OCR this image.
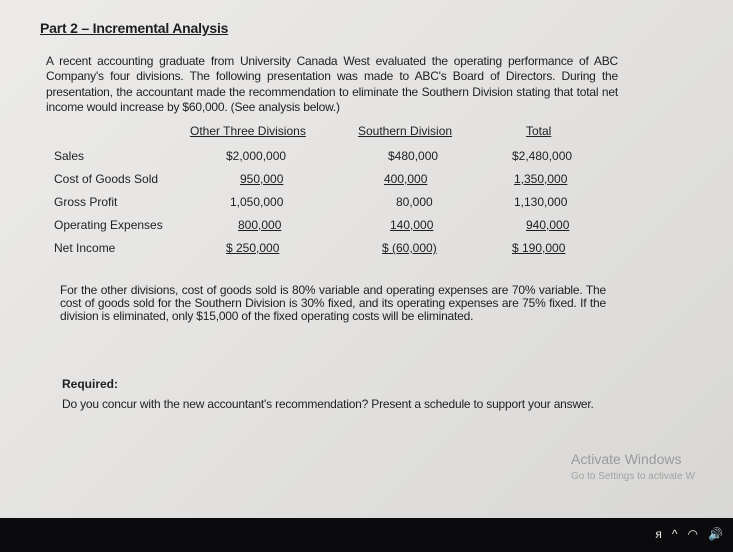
Part 2 – Incremental Analysis
A recent accounting graduate from University Canada West evaluated the operating performance of ABC Company's four divisions. The following presentation was made to ABC's Board of Directors. During the presentation, the accountant made the recommendation to eliminate the Southern Division stating that total net income would increase by $60,000. (See analysis below.)
Other Three Divisions	Southern Division	Total
Sales	$2,000,000	$480,000	$2,480,000
Cost of Goods Sold	950,000	400,000	1,350,000
Gross Profit	1,050,000	80,000	1,130,000
Operating Expenses	800,000	140,000	940,000
Net Income	$ 250,000	$ (60,000)	$ 190,000
For the other divisions, cost of goods sold is 80% variable and operating expenses are 70% variable. The cost of goods sold for the Southern Division is 30% fixed, and its operating expenses are 75% fixed. If the division is eliminated, only $15,000 of the fixed operating costs will be eliminated.
Required:
Do you concur with the new accountant's recommendation? Present a schedule to support your answer.
Activate Windows
Go to Settings to activate W
ᴙ ^ ◠ 🔊
